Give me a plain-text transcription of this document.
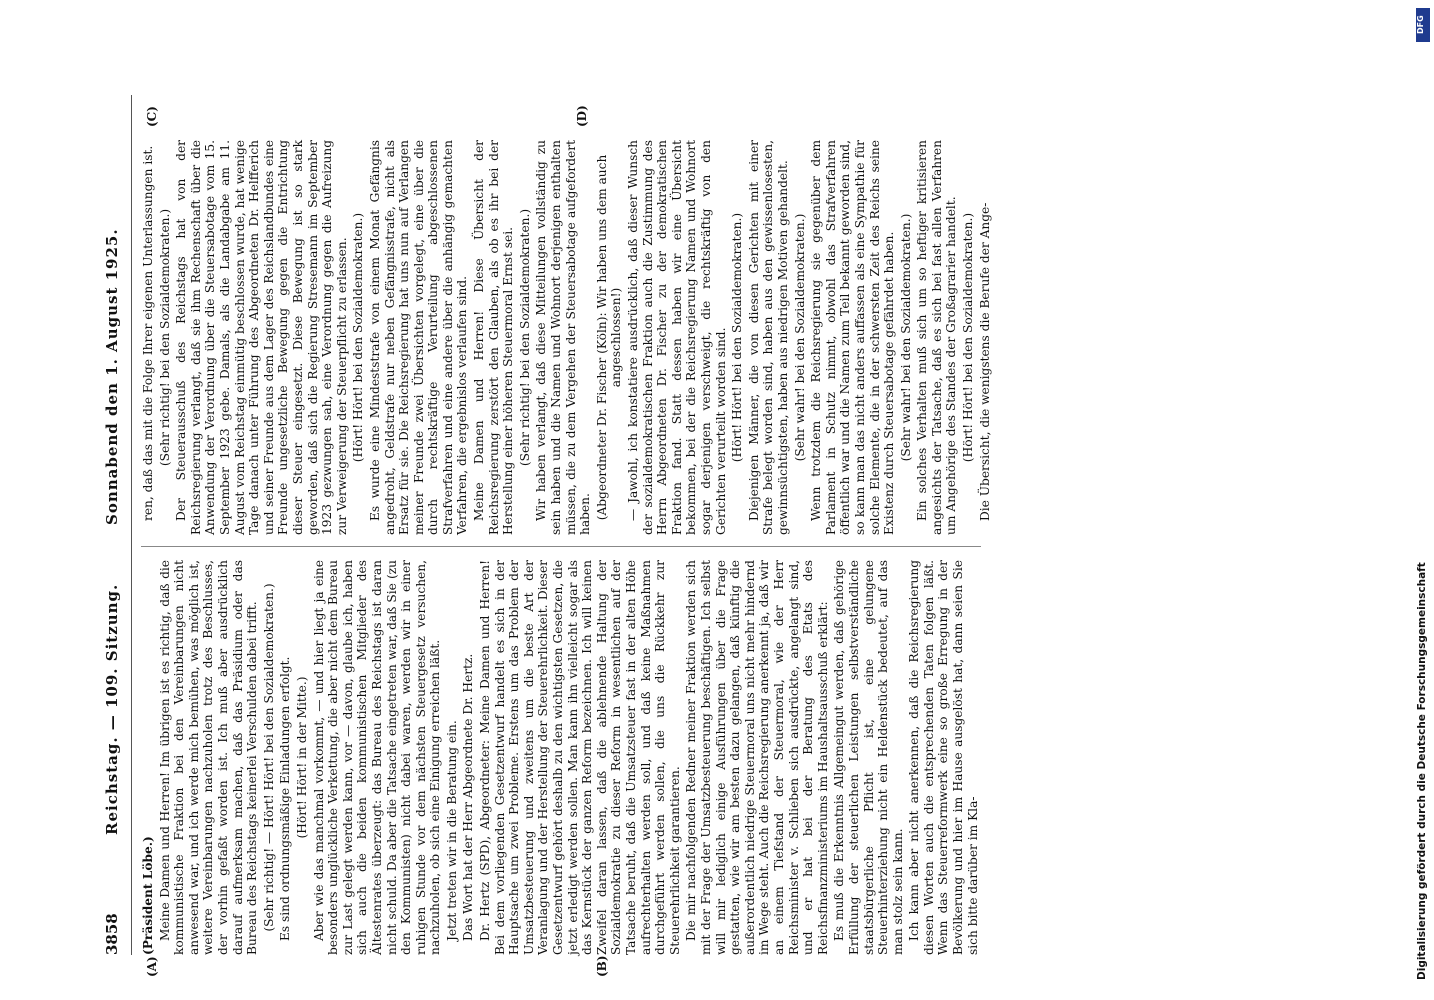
3858
Reichstag. — 109. Sitzung.
Sonnabend den 1. August 1925.
(A)	(B)
(C)	(D)

(Präsident Löbe.) Meine Damen und Herren! Im übrigen ist es richtig, daß die kommunistische Fraktion bei den Vereinbarungen nicht anwesend war, und ich werde mich bemühen, was möglich ist, weitere Vereinbarungen nachzuholen trotz des Beschlusses, der vorhin gefaßt worden ist. Ich muß aber ausdrücklich darauf aufmerksam machen, daß das Präsidium oder das Bureau des Reichstags keinerlei Verschulden dabei trifft. (Sehr richtig! — Hört! Hört! bei den Sozialdemokraten.) Es sind ordnungsmäßige Einladungen erfolgt. (Hört! Hört! in der Mitte.) Aber wie das manchmal vorkommt, — und hier liegt ja eine besonders unglückliche Verkettung, die aber nicht dem Bureau zur Last gelegt werden kann, vor — davon, glaube ich, haben sich auch die beiden kommunistischen Mitglieder des Ältestenrates überzeugt: das Bureau des Reichstags ist daran nicht schuld. Da aber die Tatsache eingetreten war, daß Sie (zu den Kommunisten) nicht dabei waren, werden wir in einer ruhigen Stunde vor dem nächsten Steuergesetz versuchen, nachzuholen, ob sich eine Einigung erreichen läßt. Jetzt treten wir in die Beratung ein. Das Wort hat der Herr Abgeordnete Dr. Hertz. Dr. Hertz (SPD), Abgeordneter: Meine Damen und Herren! Bei dem vorliegenden Gesetzentwurf handelt es sich in der Hauptsache um zwei Probleme. Erstens um das Problem der Umsatzbesteuerung und zweitens um die beste Art der Veranlagung und der Herstellung der Steuerehrlichkeit. Dieser Gesetzentwurf gehört deshalb zu den wichtigsten Gesetzen, die jetzt erledigt werden sollen. Man kann ihn vielleicht sogar als das Kernstück der ganzen Reform bezeichnen. Ich will keinen Zweifel daran lassen, daß die ablehnende Haltung der Sozialdemokratie zu dieser Reform in wesentlichen auf der Tatsache beruht, daß die Umsatzsteuer fast in der alten Höhe aufrechterhalten werden soll, und daß keine Maßnahmen durchgeführt werden sollen, die uns die Rückkehr zur Steuerehrlichkeit garantieren. Die mir nachfolgenden Redner meiner Fraktion werden sich mit der Frage der Umsatzbesteuerung beschäftigen. Ich selbst will mir lediglich einige Ausführungen über die Frage gestatten, wie wir am besten dazu gelangen, daß künftig die außerordentlich niedrige Steuermoral uns nicht mehr hindernd im Wege steht. Auch die Reichsregierung anerkennt ja, daß wir an einem Tiefstand der Steuermoral, wie der Herr Reichsminister v. Schlieben sich ausdrückte, angelangt sind, und er hat bei der Beratung des Etats des Reichsfinanzministeriums im Haushaltsausschuß erklärt: Es muß die Erkenntnis Allgemeingut werden, daß gehörige Erfüllung der steuerlichen Leistungen selbstverständliche staatsbürgerliche Pflicht ist, eine gelungene Steuerhinterziehung nicht ein Heldenstück bedeutet, auf das man stolz sein kann. Ich kann aber nicht anerkennen, daß die Reichsregierung diesen Worten auch die entsprechenden Taten folgen läßt. Wenn das Steuerreformwerk eine so große Erregung in der Bevölkerung und hier im Hause ausgelöst hat, dann seien Sie sich bitte darüber im Kla-

ren, daß das mit die Folge Ihrer eigenen Unterlassungen ist. (Sehr richtig! bei den Sozialdemokraten.) Der Steuerausschuß des Reichstags hat von der Reichsregierung verlangt, daß sie ihm Rechenschaft über die Anwendung der Verordnung über die Steuersabotage vom 15. September 1923 gebe. Damals, als die Landabgabe am 11. August vom Reichstag einmütig beschlossen wurde, hat wenige Tage danach unter Führung des Abgeordneten Dr. Helfferich und seiner Freunde aus dem Lager des Reichslandbundes eine Freunde ungesetzliche Bewegung gegen die Entrichtung dieser Steuer eingesetzt. Diese Bewegung ist so stark geworden, daß sich die Regierung Stresemann im September 1923 gezwungen sah, eine Verordnung gegen die Aufreizung zur Verweigerung der Steuerpflicht zu erlassen. (Hört! Hört! bei den Sozialdemokraten.) Es wurde eine Mindeststrafe von einem Monat Gefängnis angedroht, Geldstrafe nur neben Gefängnisstrafe, nicht als Ersatz für sie. Die Reichsregierung hat uns nun auf Verlangen meiner Freunde zwei Übersichten vorgelegt, eine über die durch rechtskräftige Verurteilung abgeschlossenen Strafverfahren und eine andere über die anhängig gemachten Verfahren, die ergebnislos verlaufen sind. Meine Damen und Herren! Diese Übersicht der Reichsregierung zerstört den Glauben, als ob es ihr bei der Herstellung einer höheren Steuermoral Ernst sei. (Sehr richtig! bei den Sozialdemokraten.) Wir haben verlangt, daß diese Mitteilungen vollständig zu sein haben und die Namen und Wohnort derjenigen enthalten müssen, die zu dem Vergehen der Steuersabotage aufgefordert haben. (Abgeordneter Dr. Fischer (Köln): Wir haben uns dem auch angeschlossen!) — Jawohl, ich konstatiere ausdrücklich, daß dieser Wunsch der sozialdemokratischen Fraktion auch die Zustimmung des Herrn Abgeordneten Dr. Fischer zu der demokratischen Fraktion fand. Statt dessen haben wir eine Übersicht bekommen, bei der die Reichsregierung Namen und Wohnort sogar derjenigen verschweigt, die rechtskräftig von den Gerichten verurteilt worden sind. (Hört! Hört! bei den Sozialdemokraten.) Diejenigen Männer, die von diesen Gerichten mit einer Strafe belegt worden sind, haben aus den gewissenlosesten, gewinnsüchtigsten, haben aus niedrigen Motiven gehandelt. (Sehr wahr! bei den Sozialdemokraten.) Wenn trotzdem die Reichsregierung sie gegenüber dem Parlament in Schutz nimmt, obwohl das Strafverfahren öffentlich war und die Namen zum Teil bekannt geworden sind, so kann man das nicht anders auffassen als eine Sympathie für solche Elemente, die in der schwersten Zeit des Reichs seine Existenz durch Steuersabotage gefährdet haben. (Sehr wahr! bei den Sozialdemokraten.) Ein solches Verhalten muß sich um so heftiger kritisieren angesichts der Tatsache, daß es sich bei fast allen Verfahren um Angehörige des Standes der Großagrarier handelt. (Hört! Hört! bei den Sozialdemokraten.) Die Übersicht, die wenigstens die Berufe der Ange-

Digitalisierung gefördert durch die Deutsche Forschungsgemeinschaft
DFG
